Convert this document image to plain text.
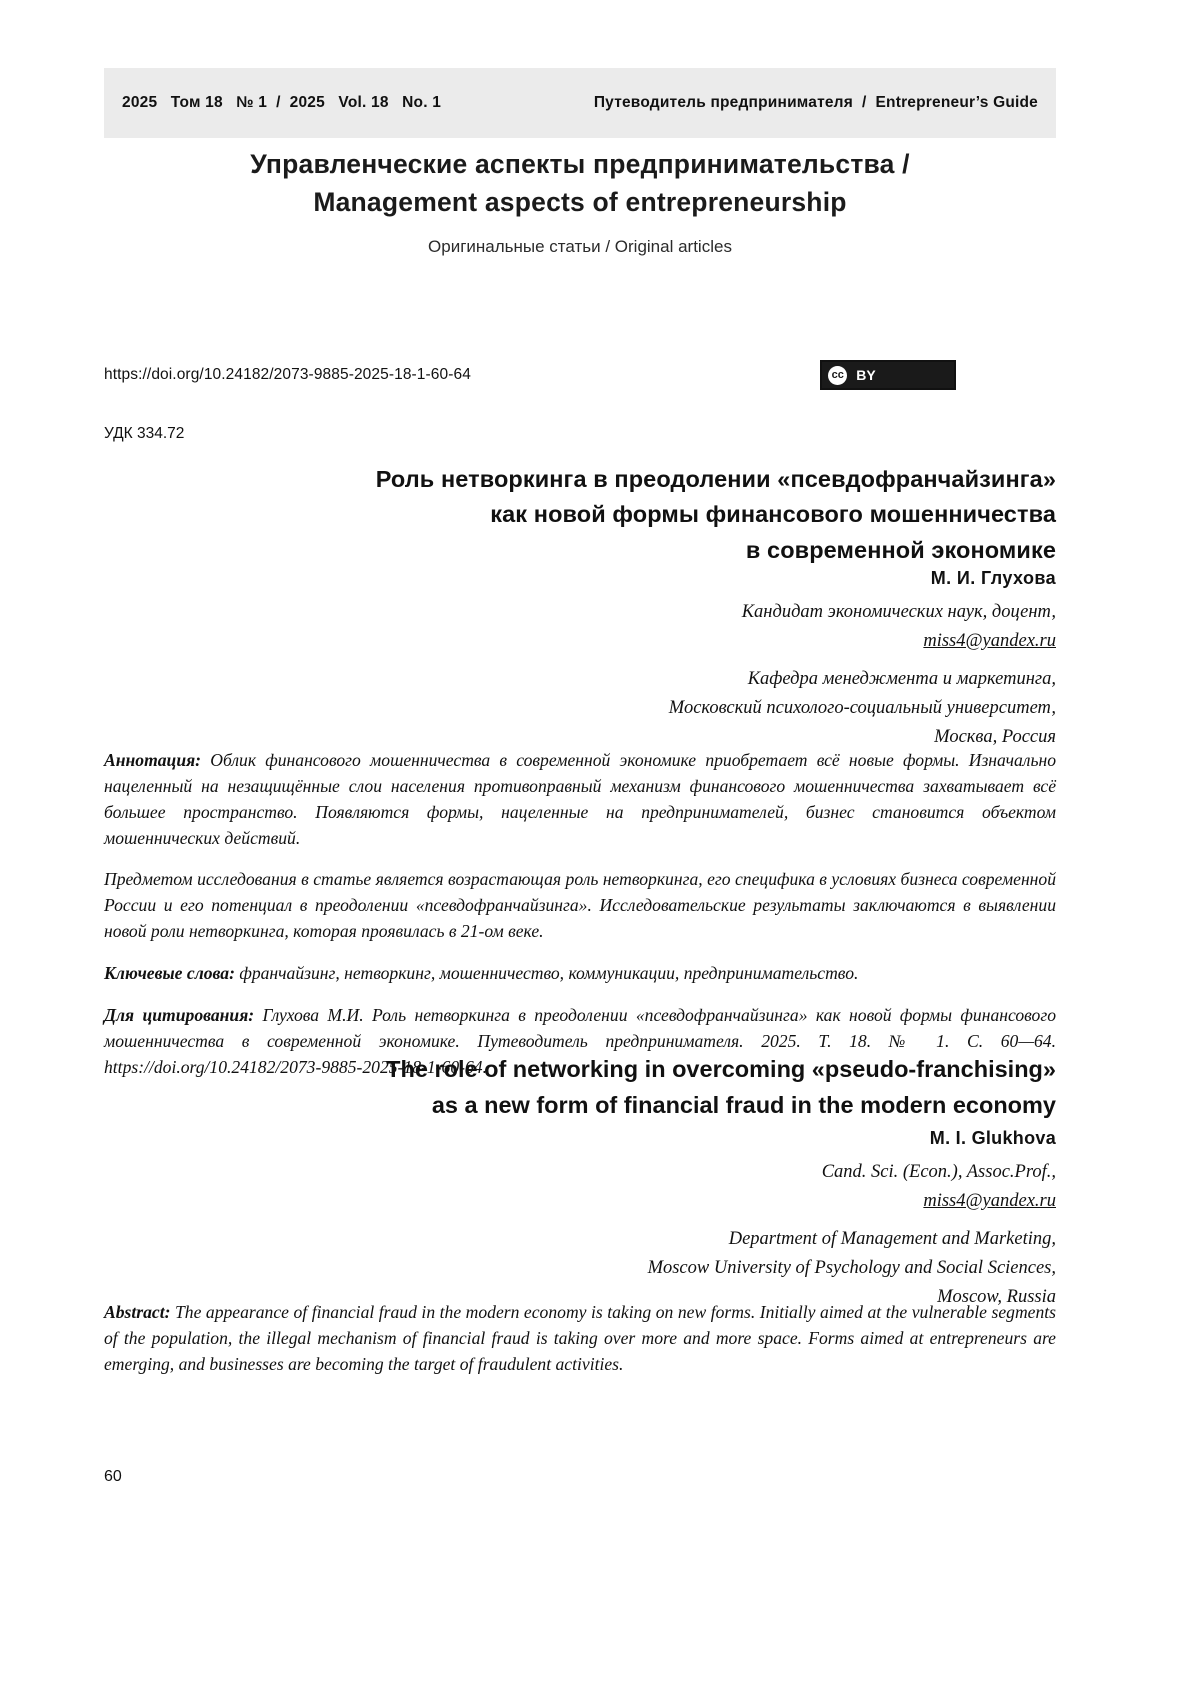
2025   Том 18   № 1  /  2025   Vol. 18   No. 1	Путеводитель предпринимателя  /  Entrepreneur’s Guide
Управленческие аспекты предпринимательства /
Management aspects of entrepreneurship
Оригинальные статьи / Original articles
https://doi.org/10.24182/2073-9885-2025-18-1-60-64	cc BY
УДК 334.72
Роль нетворкинга в преодолении «псевдофранчайзинга»
как новой формы финансового мошенничества
в современной экономике
М. И. Глухова
Кандидат экономических наук, доцент,
miss4@yandex.ru
Кафедра менеджмента и маркетинга,
Московский психолого-социальный университет,
Москва, Россия

Аннотация: Облик финансового мошенничества в современной экономике приобретает всё новые формы. Изначально нацеленный на незащищённые слои населения противоправный механизм финансового мошенничества захватывает всё большее пространство. Появляются формы, нацеленные на предпринимателей, бизнес становится объектом мошеннических действий.

Предметом исследования в статье является возрастающая роль нетворкинга, его специфика в условиях бизнеса современной России и его потенциал в преодолении «псевдофранчайзинга». Исследовательские результаты заключаются в выявлении новой роли нетворкинга, которая проявилась в 21-ом веке.

Ключевые слова: франчайзинг, нетворкинг, мошенничество, коммуникации, предпринимательство.

Для цитирования: Глухова М.И. Роль нетворкинга в преодолении «псевдофранчайзинга» как новой формы финансового мошенничества в современной экономике. Путеводитель предпринимателя. 2025. Т. 18. № 1. С. 60—64. https://doi.org/10.24182/2073-9885-2025-18-1-60-64.

The role of networking in overcoming «pseudo-franchising»
as a new form of financial fraud in the modern economy
M. I. Glukhova
Cand. Sci. (Econ.), Assoc.Prof.,
miss4@yandex.ru
Department of Management and Marketing,
Moscow University of Psychology and Social Sciences,
Moscow, Russia

Abstract: The appearance of financial fraud in the modern economy is taking on new forms. Initially aimed at the vulnerable segments of the population, the illegal mechanism of financial fraud is taking over more and more space. Forms aimed at entrepreneurs are emerging, and businesses are becoming the target of fraudulent activities.

60
